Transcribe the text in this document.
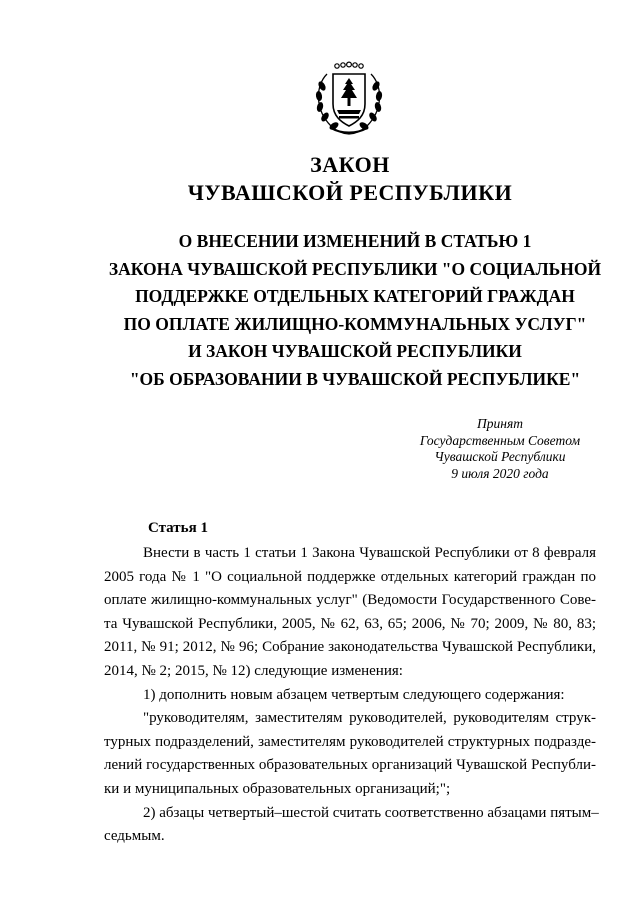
ЗАКОН
ЧУВАШСКОЙ РЕСПУБЛИКИ
О ВНЕСЕНИИ ИЗМЕНЕНИЙ В СТАТЬЮ 1
ЗАКОНА ЧУВАШСКОЙ РЕСПУБЛИКИ "О СОЦИАЛЬНОЙ
ПОДДЕРЖКЕ ОТДЕЛЬНЫХ КАТЕГОРИЙ ГРАЖДАН
ПО ОПЛАТЕ ЖИЛИЩНО-КОММУНАЛЬНЫХ УСЛУГ"
И ЗАКОН ЧУВАШСКОЙ РЕСПУБЛИКИ
"ОБ ОБРАЗОВАНИИ В ЧУВАШСКОЙ РЕСПУБЛИКЕ"
Принят
Государственным Советом
Чувашской Республики
9 июля 2020 года
Статья 1
Внести в часть 1 статьи 1 Закона Чувашской Республики от 8 февраля
2005 года № 1 "О социальной поддержке отдельных категорий граждан по
оплате жилищно-коммунальных услуг" (Ведомости Государственного Сове-
та Чувашской Республики, 2005, № 62, 63, 65; 2006, № 70; 2009, № 80, 83;
2011, № 91; 2012, № 96; Собрание законодательства Чувашской Республики,
2014, № 2; 2015, № 12) следующие изменения:
1) дополнить новым абзацем четвертым следующего содержания:
"руководителям, заместителям руководителей, руководителям струк-
турных подразделений, заместителям руководителей структурных подразде-
лений государственных образовательных организаций Чувашской Республи-
ки и муниципальных образовательных организаций;";
2) абзацы четвертый–шестой считать соответственно абзацами пятым–
седьмым.
